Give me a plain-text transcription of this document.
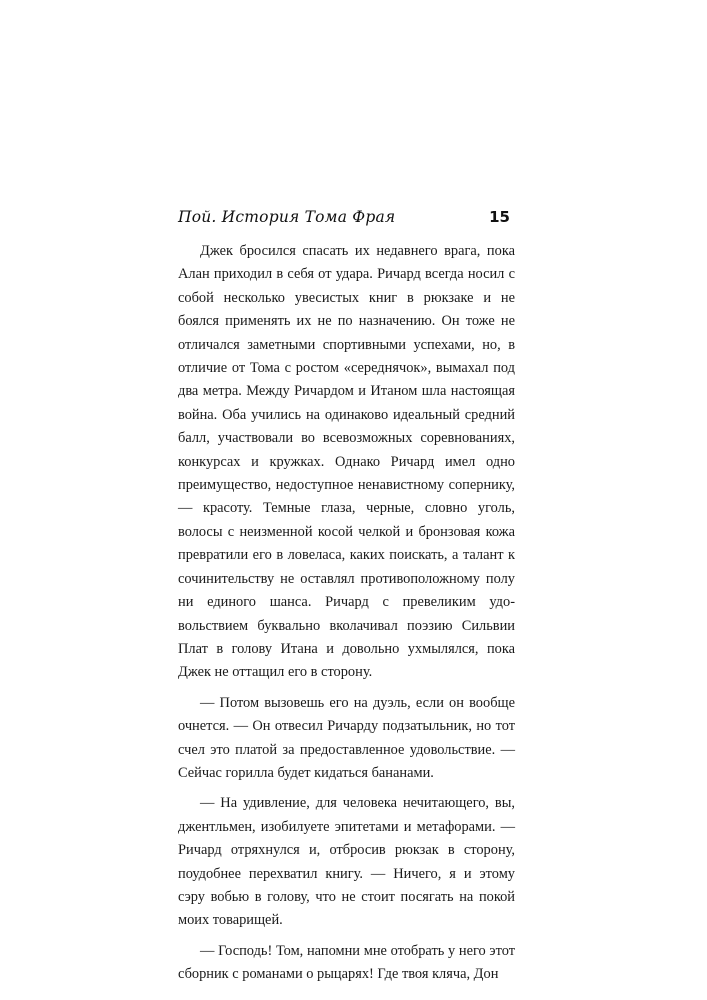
Пой. История Тома Фрая	15

Джек бросился спасать их недавнего врага, пока Алан приходил в себя от удара. Ричард всегда носил с собой несколько увесистых книг в рюкзаке и не боялся применять их не по назначению. Он тоже не отличался заметными спортивными успехами, но, в отличие от Тома с ростом «середнячок», вымахал под два метра. Между Ричардом и Итаном шла настоящая война. Оба учились на одинаково идеальный средний балл, участвовали во всевозможных соревнованиях, конкурсах и кружках. Однако Ричард имел одно преимущество, недоступное ненавистному сопернику, — красоту. Темные глаза, черные, словно уголь, волосы с неизменной косой челкой и бронзовая кожа превратили его в ловеласа, каких поискать, а талант к сочинительству не оставлял противоположному полу ни единого шанса. Ричард с превеликим удовольствием буквально вколачивал поэзию Сильвии Плат в голову Итана и довольно ухмылялся, пока Джек не оттащил его в сторону.

— Потом вызовешь его на дуэль, если он вообще очнется. — Он отвесил Ричарду подзатыльник, но тот счел это платой за предоставленное удовольствие. — Сейчас горилла будет кидаться бананами.

— На удивление, для человека нечитающего, вы, джентльмен, изобилуете эпитетами и метафорами. — Ричард отряхнулся и, отбросив рюкзак в сторону, поудобнее перехватил книгу. — Ничего, я и этому сэру вобью в голову, что не стоит посягать на покой моих товарищей.

— Господь! Том, напомни мне отобрать у него этот сборник с романами о рыцарях! Где твоя кляча, Дон
